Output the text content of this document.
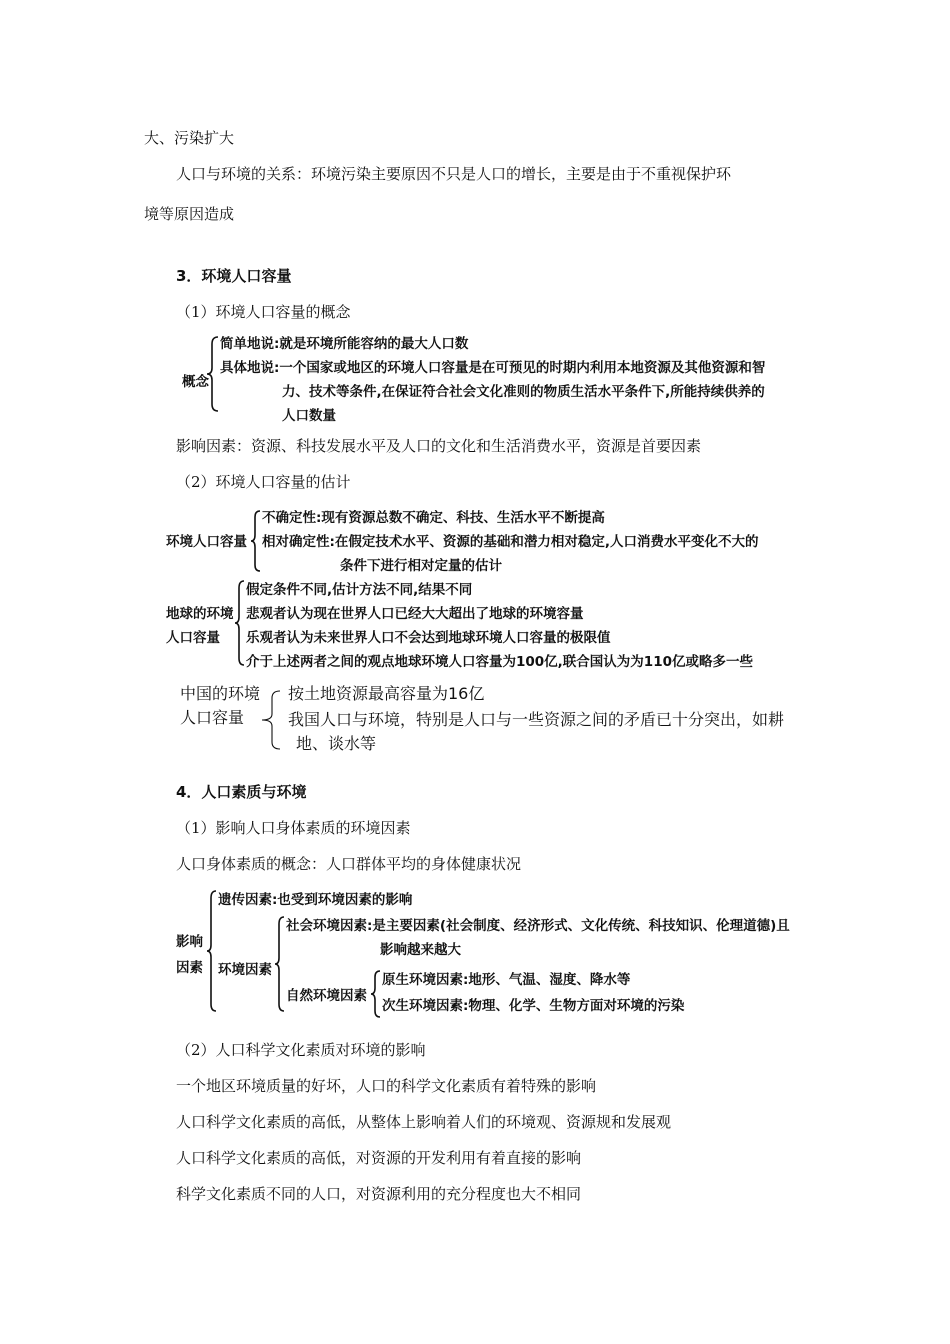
大、污染扩大
人口与环境的关系：环境污染主要原因不只是人口的增长，主要是由于不重视保护环
境等原因造成
3．环境人口容量
（1）环境人口容量的概念
概念
简单地说:就是环境所能容纳的最大人口数
具体地说:一个国家或地区的环境人口容量是在可预见的时期内利用本地资源及其他资源和智
力、技术等条件,在保证符合社会文化准则的物质生活水平条件下,所能持续供养的
人口数量
影响因素：资源、科技发展水平及人口的文化和生活消费水平，资源是首要因素
（2）环境人口容量的估计
环境人口容量
不确定性:现有资源总数不确定、科技、生活水平不断提高
相对确定性:在假定技术水平、资源的基础和潜力相对稳定,人口消费水平变化不大的
条件下进行相对定量的估计
地球的环境
人口容量
假定条件不同,估计方法不同,结果不同
悲观者认为现在世界人口已经大大超出了地球的环境容量
乐观者认为未来世界人口不会达到地球环境人口容量的极限值
介于上述两者之间的观点地球环境人口容量为100亿,联合国认为为110亿或略多一些
中国的环境
人口容量
按土地资源最高容量为16亿
我国人口与环境，特别是人口与一些资源之间的矛盾已十分突出，如耕
地、谈水等
4．人口素质与环境
（1）影响人口身体素质的环境因素
人口身体素质的概念：人口群体平均的身体健康状况
影响
因素
遗传因素:也受到环境因素的影响
环境因素
社会环境因素:是主要因素(社会制度、经济形式、文化传统、科技知识、伦理道德)且
影响越来越大
自然环境因素
原生环境因素:地形、气温、湿度、降水等
次生环境因素:物理、化学、生物方面对环境的污染
（2）人口科学文化素质对环境的影响
一个地区环境质量的好坏，人口的科学文化素质有着特殊的影响
人口科学文化素质的高低，从整体上影响着人们的环境观、资源规和发展观
人口科学文化素质的高低，对资源的开发利用有着直接的影响
科学文化素质不同的人口，对资源利用的充分程度也大不相同
